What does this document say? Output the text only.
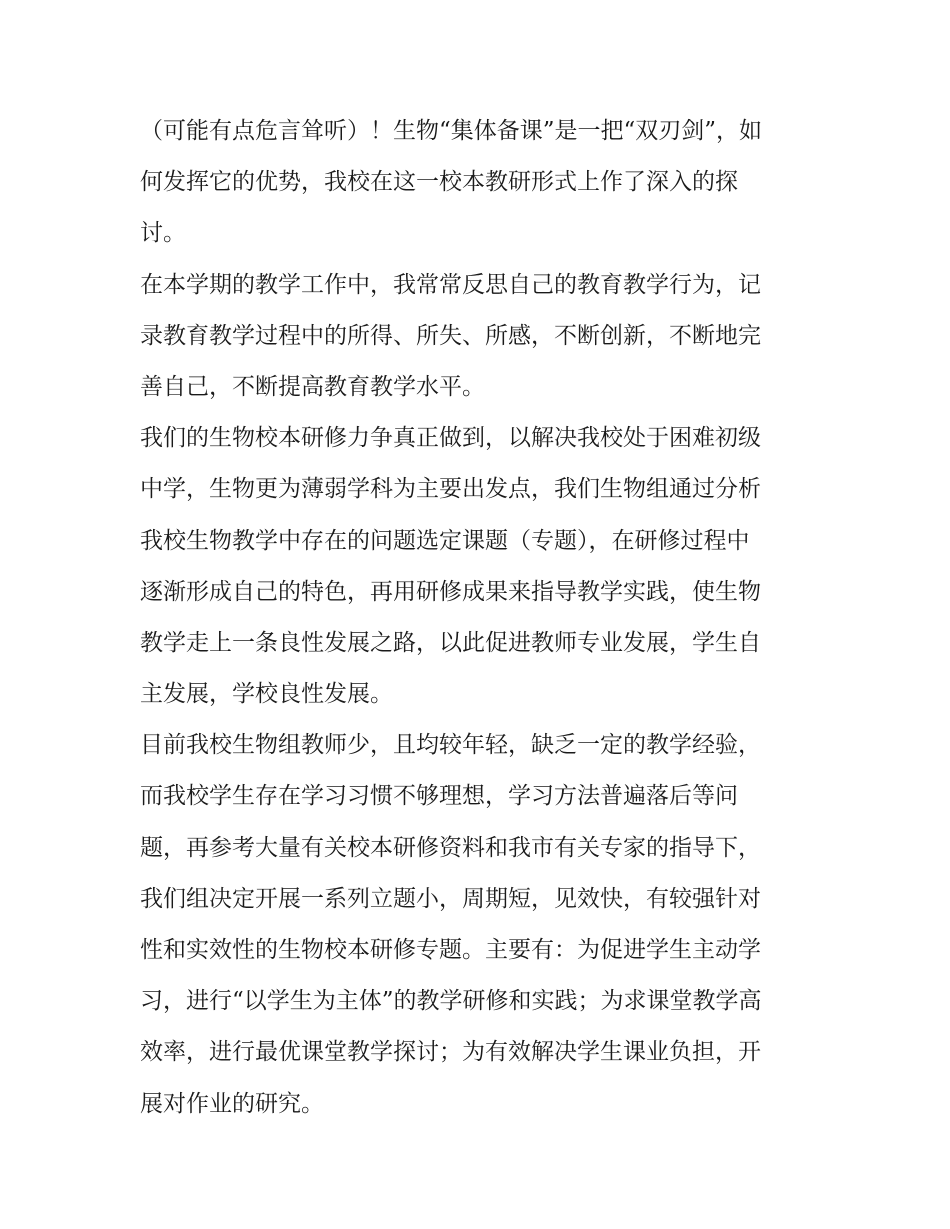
（可能有点危言耸听）！生物“集体备课”是一把“双刃剑”，如
何发挥它的优势，我校在这一校本教研形式上作了深入的探
讨。
在本学期的教学工作中，我常常反思自己的教育教学行为，记
录教育教学过程中的所得、所失、所感，不断创新，不断地完
善自己，不断提高教育教学水平。
我们的生物校本研修力争真正做到，以解决我校处于困难初级
中学，生物更为薄弱学科为主要出发点，我们生物组通过分析
我校生物教学中存在的问题选定课题（专题），在研修过程中
逐渐形成自己的特色，再用研修成果来指导教学实践，使生物
教学走上一条良性发展之路，以此促进教师专业发展，学生自
主发展，学校良性发展。
目前我校生物组教师少，且均较年轻，缺乏一定的教学经验，
而我校学生存在学习习惯不够理想，学习方法普遍落后等问
题，再参考大量有关校本研修资料和我市有关专家的指导下，
我们组决定开展一系列立题小，周期短，见效快，有较强针对
性和实效性的生物校本研修专题。主要有：为促进学生主动学
习，进行“以学生为主体”的教学研修和实践；为求课堂教学高
效率，进行最优课堂教学探讨；为有效解决学生课业负担，开
展对作业的研究。
